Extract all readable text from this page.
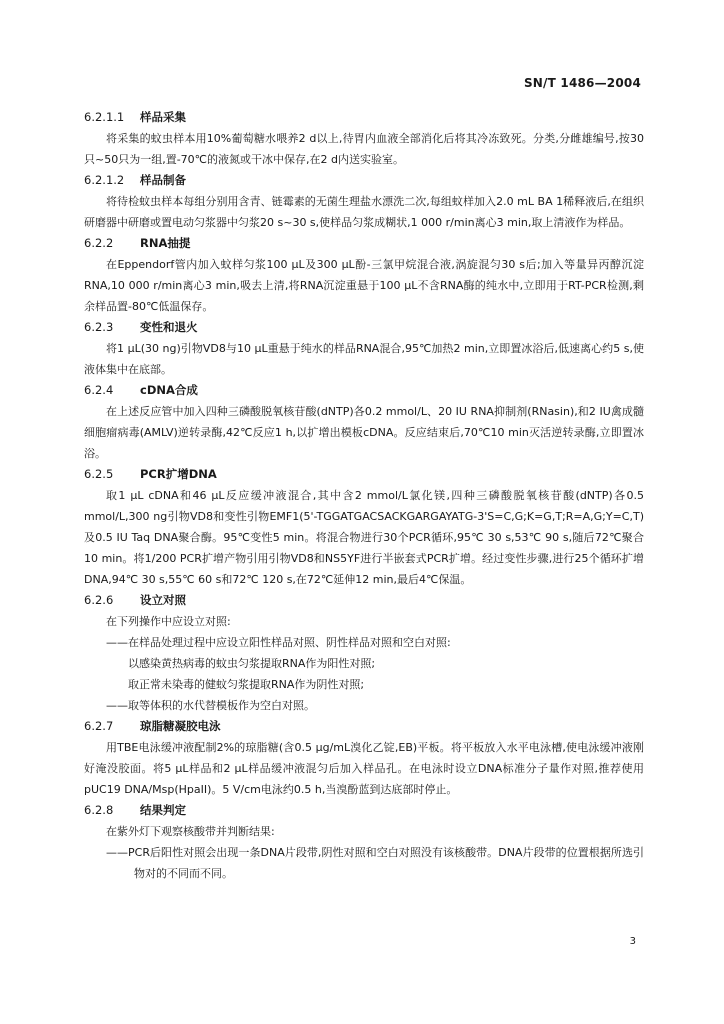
SN/T 1486—2004
6.2.1.1 样品采集

将采集的蚊虫样本用10%葡萄糖水喂养2 d以上,待胃内血液全部消化后将其冷冻致死。分类,分雌雄编号,按30只~50只为一组,置-70℃的液氮或干冰中保存,在2 d内送实验室。

6.2.1.2 样品制备

将待检蚊虫样本每组分别用含青、链霉素的无菌生理盐水漂洗二次,每组蚊样加入2.0 mL BA 1稀释液后,在组织研磨器中研磨或置电动匀浆器中匀浆20 s~30 s,使样品匀浆成糊状,1 000 r/min离心3 min,取上清液作为样品。

6.2.2 RNA抽提

在Eppendorf管内加入蚊样匀浆100 μL及300 μL酚-三氯甲烷混合液,涡旋混匀30 s后;加入等量异丙醇沉淀RNA,10 000 r/min离心3 min,吸去上清,将RNA沉淀重悬于100 μL不含RNA酶的纯水中,立即用于RT-PCR检测,剩余样品置-80℃低温保存。

6.2.3 变性和退火

将1 μL(30 ng)引物VD8与10 μL重悬于纯水的样品RNA混合,95℃加热2 min,立即置冰浴后,低速离心约5 s,使液体集中在底部。

6.2.4 cDNA合成

在上述反应管中加入四种三磷酸脱氧核苷酸(dNTP)各0.2 mmol/L、20 IU RNA抑制剂(RNasin),和2 IU禽成髓细胞瘤病毒(AMLV)逆转录酶,42℃反应1 h,以扩增出模板cDNA。反应结束后,70℃10 min灭活逆转录酶,立即置冰浴。

6.2.5 PCR扩增DNA

取1 μL cDNA和46 μL反应缓冲液混合,其中含2 mmol/L氯化镁,四种三磷酸脱氧核苷酸(dNTP)各0.5 mmol/L,300 ng引物VD8和变性引物EMF1(5'-TGGATGACSACKGARGAYATG-3'S=C,G;K=G,T;R=A,G;Y=C,T)及0.5 IU Taq DNA聚合酶。95℃变性5 min。将混合物进行30个PCR循环,95℃ 30 s,53℃ 90 s,随后72℃聚合10 min。将1/200 PCR扩增产物引用引物VD8和NS5YF进行半嵌套式PCR扩增。经过变性步骤,进行25个循环扩增DNA,94℃ 30 s,55℃ 60 s和72℃ 120 s,在72℃延伸12 min,最后4℃保温。

6.2.6 设立对照

在下列操作中应设立对照:

——在样品处理过程中应设立阳性样品对照、阴性样品对照和空白对照:

以感染黄热病毒的蚊虫匀浆提取RNA作为阳性对照;

取正常未染毒的健蚊匀浆提取RNA作为阴性对照;

——取等体积的水代替模板作为空白对照。

6.2.7 琼脂糖凝胶电泳

用TBE电泳缓冲液配制2%的琼脂糖(含0.5 μg/mL溴化乙锭,EB)平板。将平板放入水平电泳槽,使电泳缓冲液刚好淹没胶面。将5 μL样品和2 μL样品缓冲液混匀后加入样品孔。在电泳时设立DNA标准分子量作对照,推荐使用pUC19 DNA/Msp(HpaII)。5 V/cm电泳约0.5 h,当溴酚蓝到达底部时停止。

6.2.8 结果判定

在紫外灯下观察核酸带并判断结果:

——PCR后阳性对照会出现一条DNA片段带,阴性对照和空白对照没有该核酸带。DNA片段带的位置根据所选引物对的不同而不同。

3
